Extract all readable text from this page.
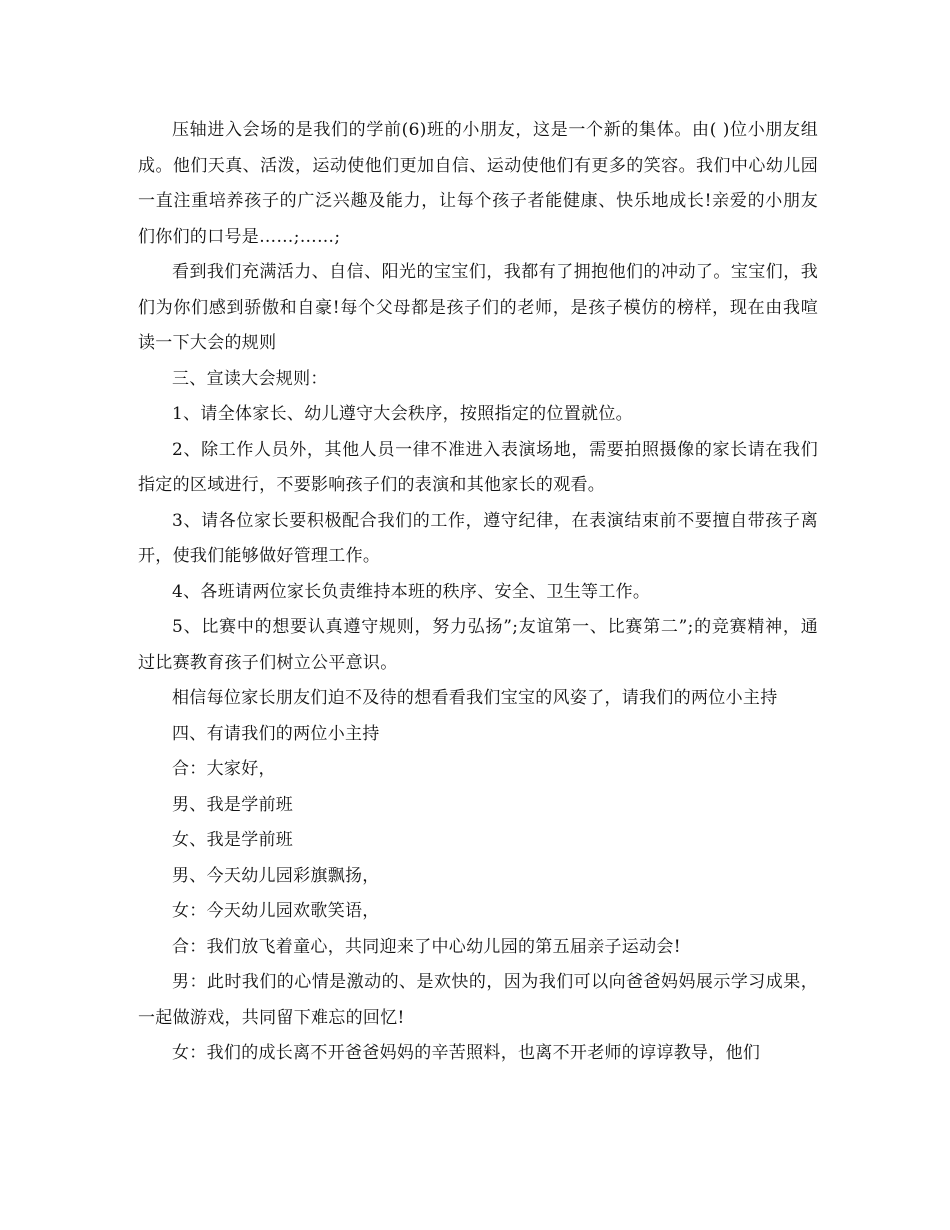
压轴进入会场的是我们的学前(6)班的小朋友，这是一个新的集体。由( )位小朋友组成。他们天真、活泼，运动使他们更加自信、运动使他们有更多的笑容。我们中心幼儿园一直注重培养孩子的广泛兴趣及能力，让每个孩子者能健康、快乐地成长!亲爱的小朋友们你们的口号是……;……;

看到我们充满活力、自信、阳光的宝宝们，我都有了拥抱他们的冲动了。宝宝们，我们为你们感到骄傲和自豪!每个父母都是孩子们的老师，是孩子模仿的榜样，现在由我喧读一下大会的规则

三、宣读大会规则：

1、请全体家长、幼儿遵守大会秩序，按照指定的位置就位。

2、除工作人员外，其他人员一律不准进入表演场地，需要拍照摄像的家长请在我们指定的区域进行，不要影响孩子们的表演和其他家长的观看。

3、请各位家长要积极配合我们的工作，遵守纪律，在表演结束前不要擅自带孩子离开，使我们能够做好管理工作。

4、各班请两位家长负责维持本班的秩序、安全、卫生等工作。

5、比赛中的想要认真遵守规则，努力弘扬”;友谊第一、比赛第二”;的竞赛精神，通过比赛教育孩子们树立公平意识。

相信每位家长朋友们迫不及待的想看看我们宝宝的风姿了，请我们的两位小主持

四、有请我们的两位小主持

合：大家好，

男、我是学前班

女、我是学前班

男、今天幼儿园彩旗飘扬，

女：今天幼儿园欢歌笑语，

合：我们放飞着童心，共同迎来了中心幼儿园的第五届亲子运动会!

男：此时我们的心情是激动的、是欢快的，因为我们可以向爸爸妈妈展示学习成果，一起做游戏，共同留下难忘的回忆!

女：我们的成长离不开爸爸妈妈的辛苦照料，也离不开老师的谆谆教导，他们
